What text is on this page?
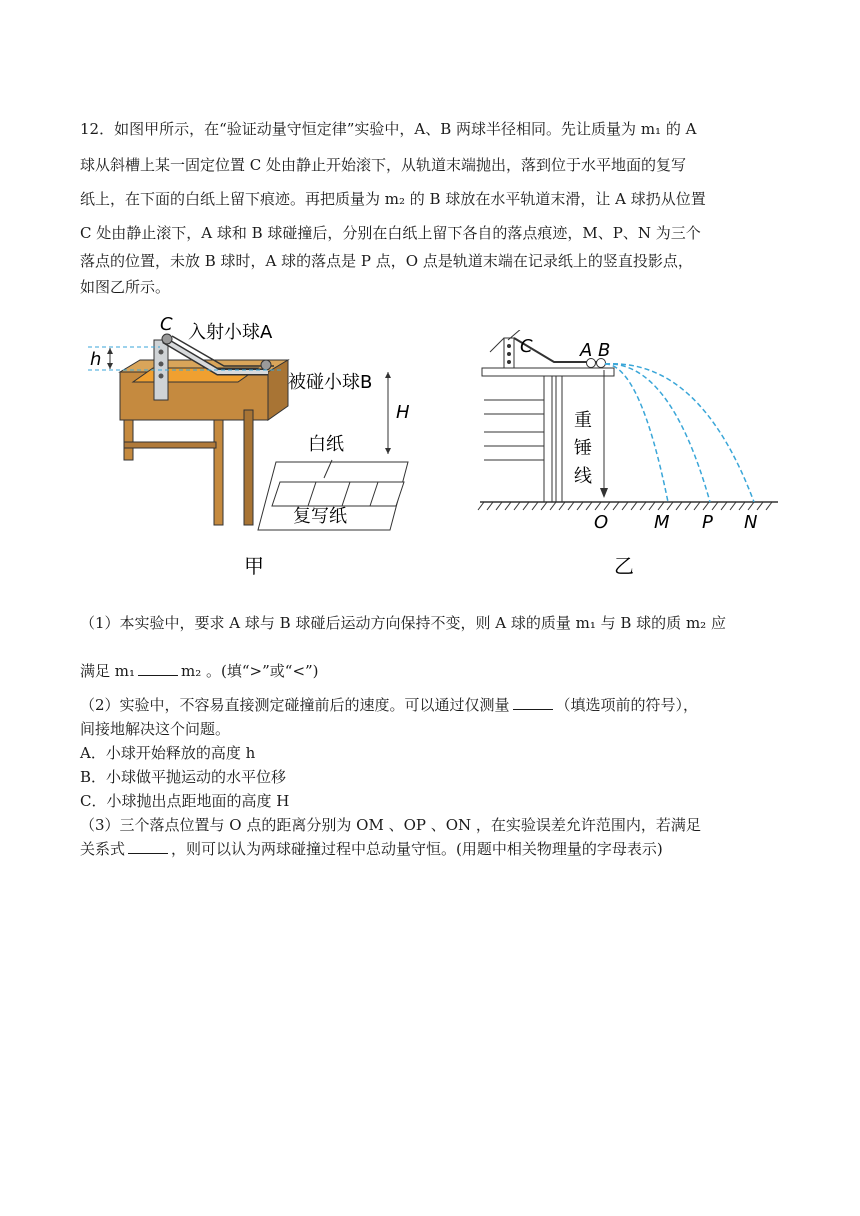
12．如图甲所示，在“验证动量守恒定律”实验中，A、B 两球半径相同。先让质量为 m₁ 的 A
球从斜槽上某一固定位置 C 处由静止开始滚下，从轨道末端抛出，落到位于水平地面的复写
纸上，在下面的白纸上留下痕迹。再把质量为 m₂ 的 B 球放在水平轨道末滑，让 A 球扔从位置
C 处由静止滚下，A 球和 B 球碰撞后，分别在白纸上留下各自的落点痕迹，M、P、N 为三个
落点的位置，未放 B 球时，A 球的落点是 P 点，O 点是轨道末端在记录纸上的竖直投影点，
如图乙所示。
h
H
C 入射小球A
被碰小球B
白纸
复写纸
甲
C	A B
重
锤
线
O	M P N
乙
（1）本实验中，要求 A 球与 B 球碰后运动方向保持不变，则 A 球的质量 m₁ 与 B 球的质 m₂ 应
满足 m₁	m₂ 。(填“>”或“<”)
（2）实验中，不容易直接测定碰撞前后的速度。可以通过仅测量	（填选项前的符号），
间接地解决这个问题。
A．小球开始释放的高度 h
B．小球做平抛运动的水平位移
C．小球抛出点距地面的高度 H
（3）三个落点位置与 O 点的距离分别为 OM 、OP 、ON ，在实验误差允许范围内，若满足
关系式	，则可以认为两球碰撞过程中总动量守恒。(用题中相关物理量的字母表示)
